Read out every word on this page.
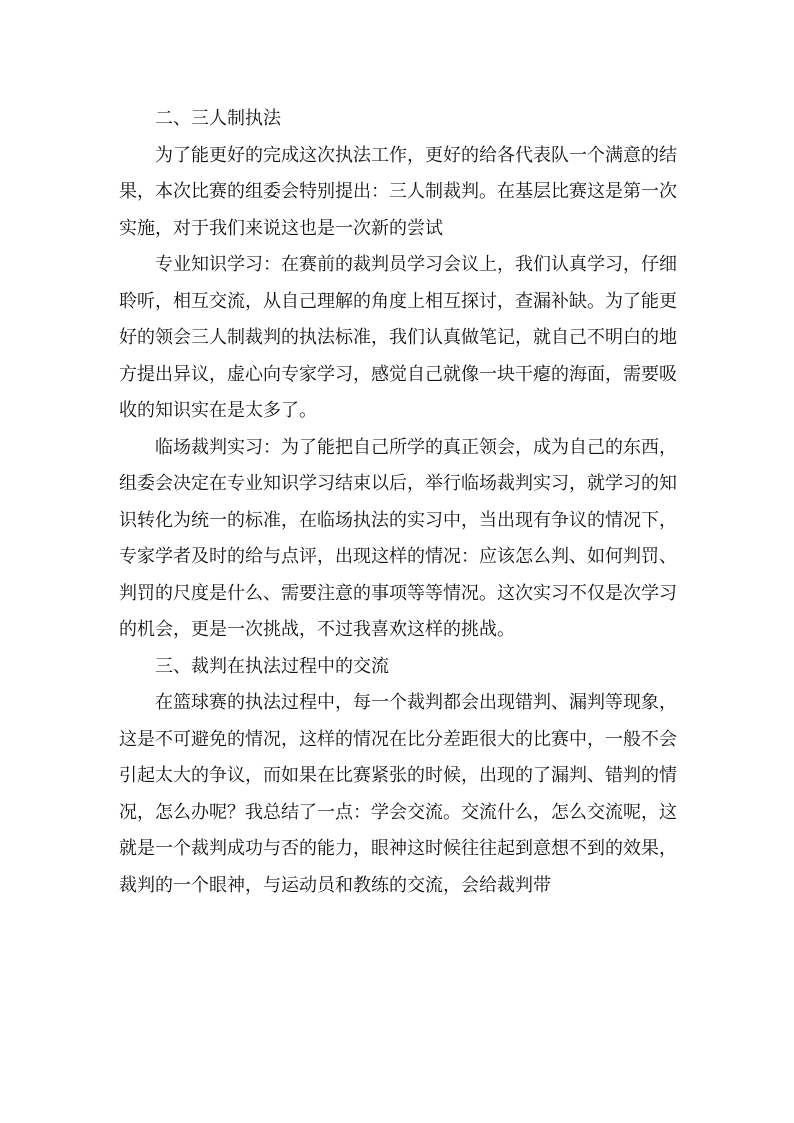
二、三人制执法

为了能更好的完成这次执法工作，更好的给各代表队一个满意的结果，本次比赛的组委会特别提出：三人制裁判。在基层比赛这是第一次实施，对于我们来说这也是一次新的尝试

专业知识学习：在赛前的裁判员学习会议上，我们认真学习，仔细聆听，相互交流，从自己理解的角度上相互探讨，查漏补缺。为了能更好的领会三人制裁判的执法标准，我们认真做笔记，就自己不明白的地方提出异议，虚心向专家学习，感觉自己就像一块干瘪的海面，需要吸收的知识实在是太多了。

临场裁判实习：为了能把自己所学的真正领会，成为自己的东西，组委会决定在专业知识学习结束以后，举行临场裁判实习，就学习的知识转化为统一的标准，在临场执法的实习中，当出现有争议的情况下，专家学者及时的给与点评，出现这样的情况：应该怎么判、如何判罚、判罚的尺度是什么、需要注意的事项等等情况。这次实习不仅是次学习的机会，更是一次挑战，不过我喜欢这样的挑战。

三、裁判在执法过程中的交流

在篮球赛的执法过程中，每一个裁判都会出现错判、漏判等现象，这是不可避免的情况，这样的情况在比分差距很大的比赛中，一般不会引起太大的争议，而如果在比赛紧张的时候，出现的了漏判、错判的情况，怎么办呢？我总结了一点：学会交流。交流什么，怎么交流呢，这就是一个裁判成功与否的能力，眼神这时候往往起到意想不到的效果，裁判的一个眼神，与运动员和教练的交流，会给裁判带
